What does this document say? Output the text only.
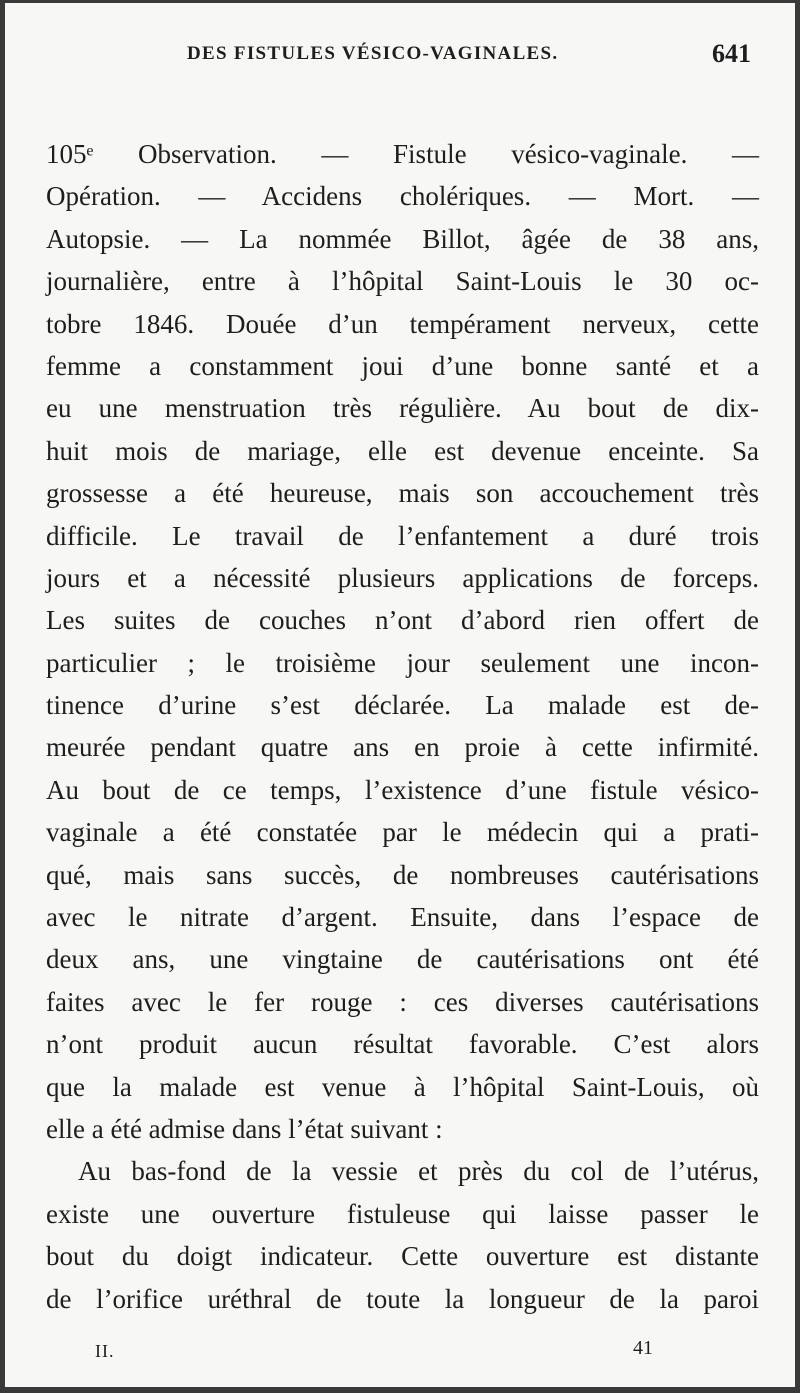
DES FISTULES VÉSICO-VAGINALES.	641
105ᵉ Observation. — Fistule vésico-vaginale. —
Opération. — Accidens cholériques. — Mort. —
Autopsie. — La nommée Billot, âgée de 38 ans,
journalière, entre à l’hôpital Saint-Louis le 30 oc-
tobre 1846. Douée d’un tempérament nerveux, cette
femme a constamment joui d’une bonne santé et a
eu une menstruation très régulière. Au bout de dix-
huit mois de mariage, elle est devenue enceinte. Sa
grossesse a été heureuse, mais son accouchement très
difficile. Le travail de l’enfantement a duré trois
jours et a nécessité plusieurs applications de forceps.
Les suites de couches n’ont d’abord rien offert de
particulier ; le troisième jour seulement une incon-
tinence d’urine s’est déclarée. La malade est de-
meurée pendant quatre ans en proie à cette infirmité.
Au bout de ce temps, l’existence d’une fistule vésico-
vaginale a été constatée par le médecin qui a prati-
qué, mais sans succès, de nombreuses cautérisations
avec le nitrate d’argent. Ensuite, dans l’espace de
deux ans, une vingtaine de cautérisations ont été
faites avec le fer rouge : ces diverses cautérisations
n’ont produit aucun résultat favorable. C’est alors
que la malade est venue à l’hôpital Saint-Louis, où
elle a été admise dans l’état suivant :
Au bas-fond de la vessie et près du col de l’utérus,
existe une ouverture fistuleuse qui laisse passer le
bout du doigt indicateur. Cette ouverture est distante
de l’orifice uréthral de toute la longueur de la paroi
II.	41
